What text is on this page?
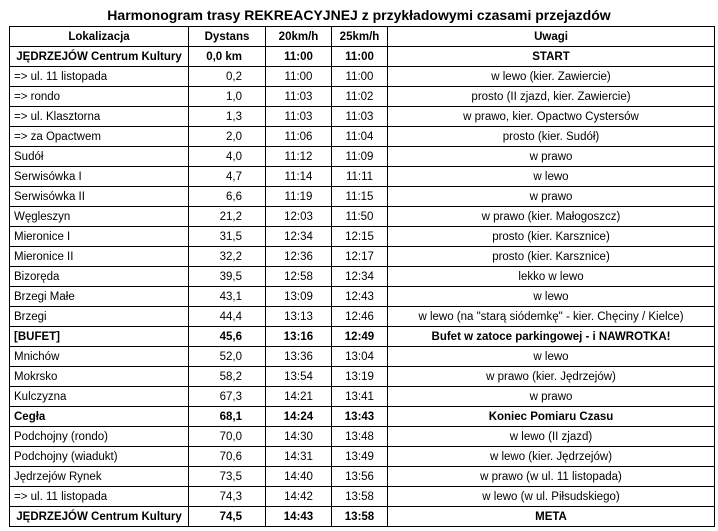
Harmonogram trasy REKREACYJNEJ z przykładowymi czasami przejazdów
Lokalizacja	Dystans	20km/h	25km/h	Uwagi
JĘDRZEJÓW Centrum Kultury	0,0 km	11:00	11:00	START
=> ul. 11 listopada	0,2	11:00	11:00	w lewo (kier. Zawiercie)
=> rondo	1,0	11:03	11:02	prosto (II zjazd, kier. Zawiercie)
=> ul. Klasztorna	1,3	11:03	11:03	w prawo, kier. Opactwo Cystersów
=> za Opactwem	2,0	11:06	11:04	prosto (kier. Sudół)
Sudół	4,0	11:12	11:09	w prawo
Serwisówka I	4,7	11:14	11:11	w lewo
Serwisówka II	6,6	11:19	11:15	w prawo
Węgleszyn	21,2	12:03	11:50	w prawo (kier. Małogoszcz)
Mieronice I	31,5	12:34	12:15	prosto (kier. Karsznice)
Mieronice II	32,2	12:36	12:17	prosto (kier. Karsznice)
Bizoręda	39,5	12:58	12:34	lekko w lewo
Brzegi Małe	43,1	13:09	12:43	w lewo
Brzegi	44,4	13:13	12:46	w lewo (na "starą siódemkę" - kier. Chęciny / Kielce)
[BUFET]	45,6	13:16	12:49	Bufet w zatoce parkingowej - i NAWROTKA!
Mnichów	52,0	13:36	13:04	w lewo
Mokrsko	58,2	13:54	13:19	w prawo (kier. Jędrzejów)
Kulczyzna	67,3	14:21	13:41	w prawo
Cegła	68,1	14:24	13:43	Koniec Pomiaru Czasu
Podchojny (rondo)	70,0	14:30	13:48	w lewo (II zjazd)
Podchojny (wiadukt)	70,6	14:31	13:49	w lewo (kier. Jędrzejów)
Jędrzejów Rynek	73,5	14:40	13:56	w prawo (w ul. 11 listopada)
=> ul. 11 listopada	74,3	14:42	13:58	w lewo (w ul. Piłsudskiego)
JĘDRZEJÓW Centrum Kultury	74,5	14:43	13:58	META
